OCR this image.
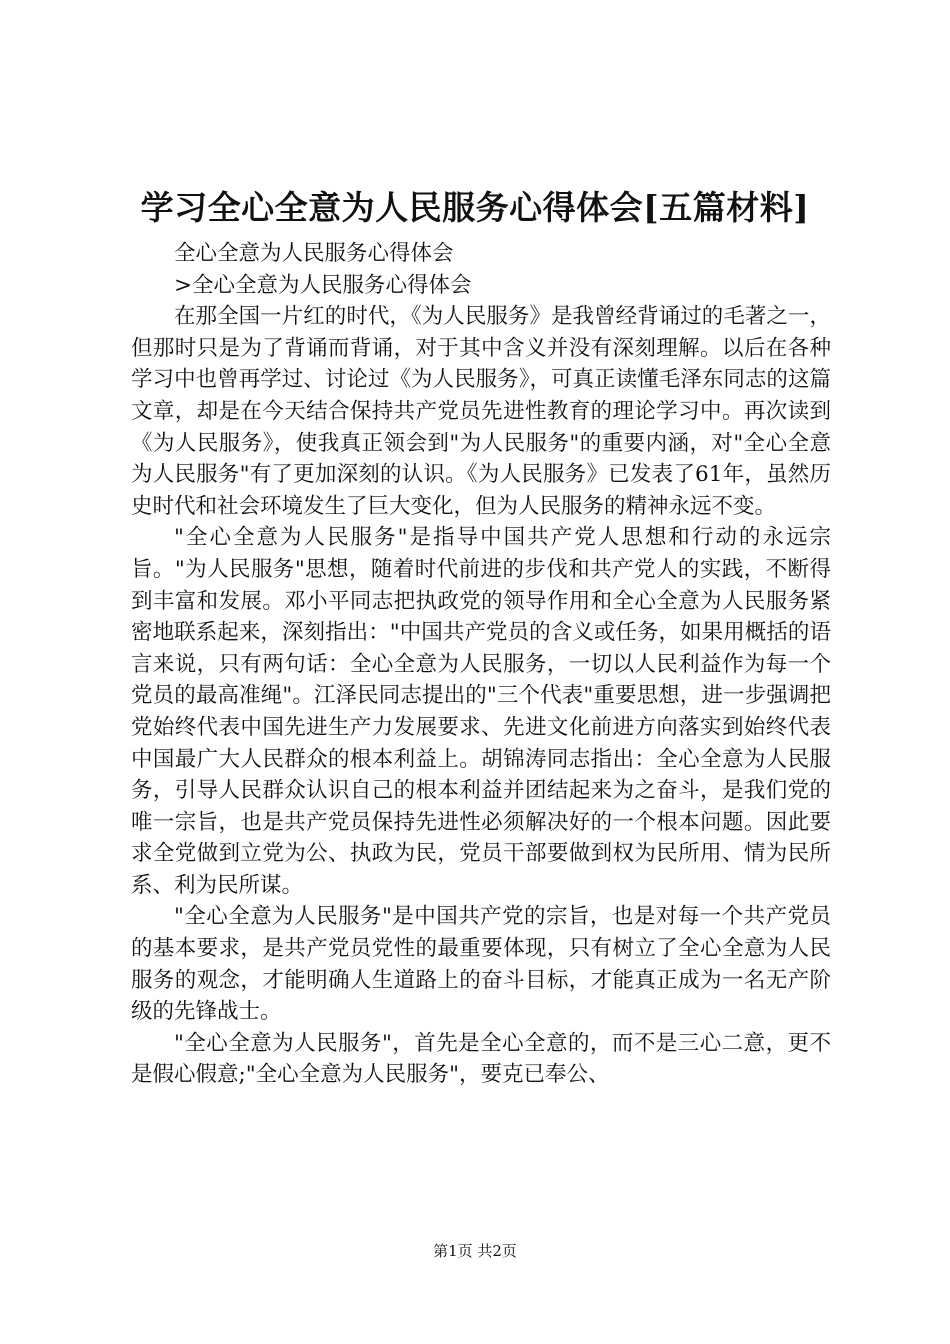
学习全心全意为人民服务心得体会[五篇材料]

全心全意为人民服务心得体会

>全心全意为人民服务心得体会

在那全国一片红的时代，《为人民服务》是我曾经背诵过的毛著之一，但那时只是为了背诵而背诵，对于其中含义并没有深刻理解。以后在各种学习中也曾再学过、讨论过《为人民服务》，可真正读懂毛泽东同志的这篇文章，却是在今天结合保持共产党员先进性教育的理论学习中。再次读到《为人民服务》，使我真正领会到"为人民服务"的重要内涵，对"全心全意为人民服务"有了更加深刻的认识。《为人民服务》已发表了61年，虽然历史时代和社会环境发生了巨大变化，但为人民服务的精神永远不变。

"全心全意为人民服务"是指导中国共产党人思想和行动的永远宗旨。"为人民服务"思想，随着时代前进的步伐和共产党人的实践，不断得到丰富和发展。邓小平同志把执政党的领导作用和全心全意为人民服务紧密地联系起来，深刻指出："中国共产党员的含义或任务，如果用概括的语言来说，只有两句话：全心全意为人民服务，一切以人民利益作为每一个党员的最高准绳"。江泽民同志提出的"三个代表"重要思想，进一步强调把党始终代表中国先进生产力发展要求、先进文化前进方向落实到始终代表中国最广大人民群众的根本利益上。胡锦涛同志指出：全心全意为人民服务，引导人民群众认识自己的根本利益并团结起来为之奋斗，是我们党的唯一宗旨，也是共产党员保持先进性必须解决好的一个根本问题。因此要求全党做到立党为公、执政为民，党员干部要做到权为民所用、情为民所系、利为民所谋。

"全心全意为人民服务"是中国共产党的宗旨，也是对每一个共产党员的基本要求，是共产党员党性的最重要体现，只有树立了全心全意为人民服务的观念，才能明确人生道路上的奋斗目标，才能真正成为一名无产阶级的先锋战士。

"全心全意为人民服务"，首先是全心全意的，而不是三心二意，更不是假心假意;"全心全意为人民服务"，要克已奉公、

第1页 共2页
